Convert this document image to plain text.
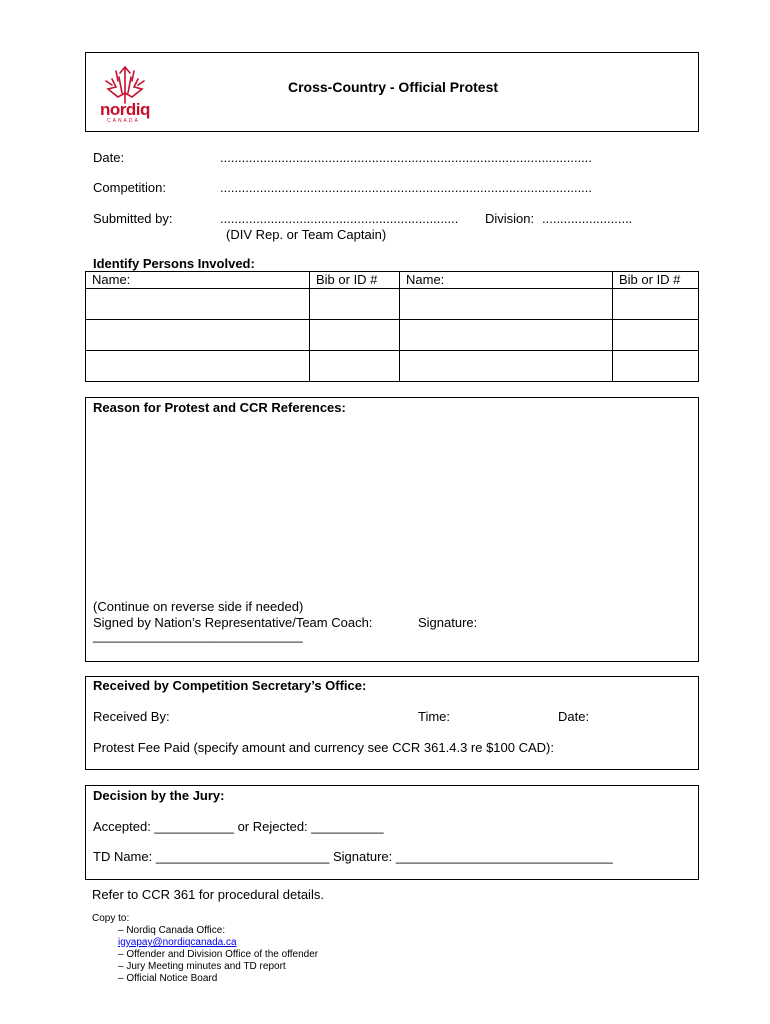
nordiq
CANADA
Cross-Country - Official Protest
Date:	.......................................................................................................
Competition:	.......................................................................................................
Submitted by:	..................................................................	Division: .........................
(DIV Rep. or Team Captain)
Identify Persons Involved:
Name:	Bib or ID #	Name:	Bib or ID #

Reason for Protest and CCR References:
(Continue on reverse side if needed)
Signed by Nation’s Representative/Team Coach:	Signature:
_____________________________
Received by Competition Secretary’s Office:
Received By:	Time:	Date:
Protest Fee Paid (specify amount and currency see CCR 361.4.3 re $100 CAD):
Decision by the Jury:
Accepted: ___________ or Rejected: __________
TD Name: ________________________ Signature: ______________________________
Refer to CCR 361 for procedural details.
Copy to:
– Nordiq Canada Office:
igyapay@nordiqcanada.ca
– Offender and Division Office of the offender
– Jury Meeting minutes and TD report
– Official Notice Board
